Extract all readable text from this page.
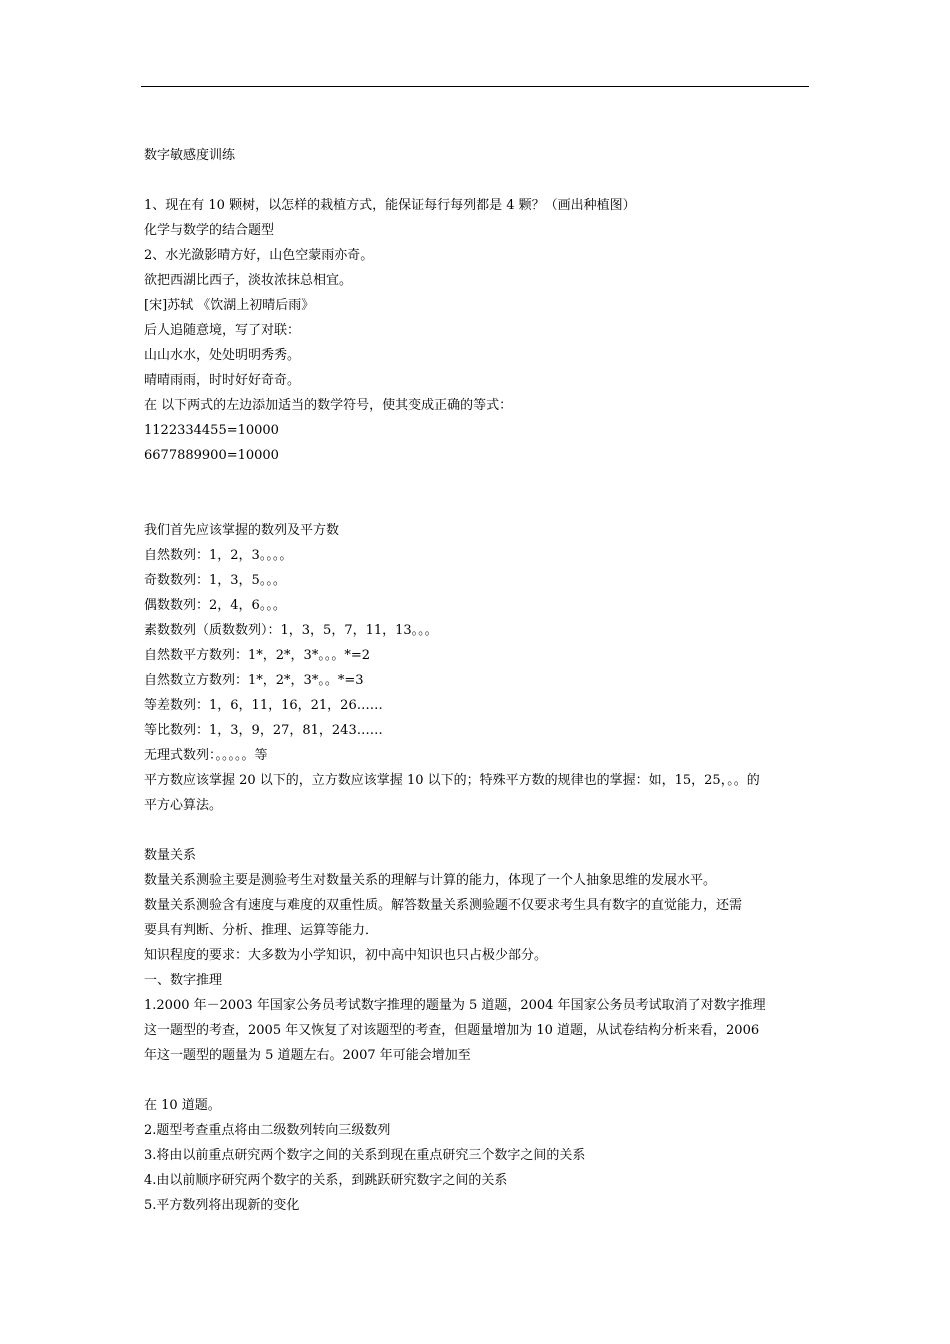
数字敏感度训练
1、现在有 10 颗树，以怎样的栽植方式，能保证每行每列都是 4 颗？（画出种植图）
化学与数学的结合题型
2、水光潋影晴方好，山色空蒙雨亦奇。
欲把西湖比西子，淡妆浓抹总相宜。
[宋]苏轼 《饮湖上初晴后雨》
后人追随意境，写了对联：
山山水水，处处明明秀秀。
晴晴雨雨，时时好好奇奇。
在 以下两式的左边添加适当的数学符号，使其变成正确的等式：
1122334455=10000
6677889900=10000
我们首先应该掌握的数列及平方数
自然数列：1，2，3。。。。
奇数数列：1，3，5。。。
偶数数列：2，4，6。。。
素数数列（质数数列）：1，3，5，7，11，13。。。
自然数平方数列：1*，2*，3*。。。*=2
自然数立方数列：1*，2*，3*。。*=3
等差数列：1，6，11，16，21，26……
等比数列：1，3，9，27，81，243……
无理式数列：。。。。。等
平方数应该掌握 20 以下的，立方数应该掌握 10 以下的；特殊平方数的规律也的掌握：如，15，25，。。的
平方心算法。
数量关系
数量关系测验主要是测验考生对数量关系的理解与计算的能力，体现了一个人抽象思维的发展水平。
数量关系测验含有速度与难度的双重性质。解答数量关系测验题不仅要求考生具有数字的直觉能力，还需
要具有判断、分析、推理、运算等能力．
知识程度的要求：大多数为小学知识，初中高中知识也只占极少部分。
一、数字推理
1.2000 年－2003 年国家公务员考试数字推理的题量为 5 道题，2004 年国家公务员考试取消了对数字推理
这一题型的考查，2005 年又恢复了对该题型的考查，但题量增加为 10 道题，从试卷结构分析来看，2006
年这一题型的题量为 5 道题左右。2007 年可能会增加至
在 10 道题。
2.题型考查重点将由二级数列转向三级数列
3.将由以前重点研究两个数字之间的关系到现在重点研究三个数字之间的关系
4.由以前顺序研究两个数字的关系，到跳跃研究数字之间的关系
5.平方数列将出现新的变化
